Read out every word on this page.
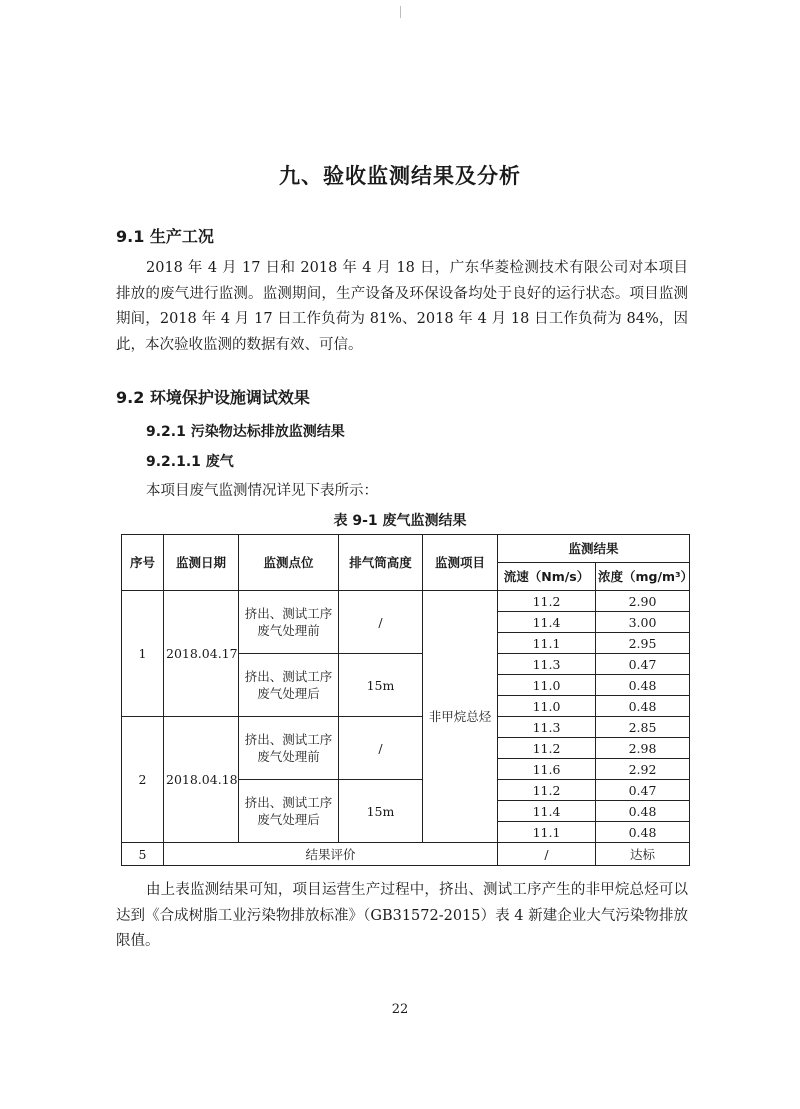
九、验收监测结果及分析
9.1 生产工况

2018 年 4 月 17 日和 2018 年 4 月 18 日，广东华菱检测技术有限公司对本项目排放的废气进行监测。监测期间，生产设备及环保设备均处于良好的运行状态。项目监测期间，2018 年 4 月 17 日工作负荷为 81%、2018 年 4 月 18 日工作负荷为 84%，因此，本次验收监测的数据有效、可信。

9.2 环境保护设施调试效果
9.2.1 污染物达标排放监测结果
9.2.1.1 废气
本项目废气监测情况详见下表所示：
表 9-1 废气监测结果
序号	监测日期	监测点位	排气筒高度	监测项目	监测结果	
					流速（Nm/s）	浓度（mg/m³）
1	2018.04.17	挤出、测试工序废气处理前	/	非甲烷总烃	11.2	2.90
					11.4	3.00
					11.1	2.95
		挤出、测试工序废气处理后	15m		11.3	0.47
					11.0	0.48
					11.0	0.48
2	2018.04.18	挤出、测试工序废气处理前	/		11.3	2.85
					11.2	2.98
					11.6	2.92
		挤出、测试工序废气处理后	15m		11.2	0.47
					11.4	0.48
					11.1	0.48
5	结果评价				/	达标

由上表监测结果可知，项目运营生产过程中，挤出、测试工序产生的非甲烷总烃可以达到《合成树脂工业污染物排放标准》（GB31572-2015）表 4 新建企业大气污染物排放限值。

22
